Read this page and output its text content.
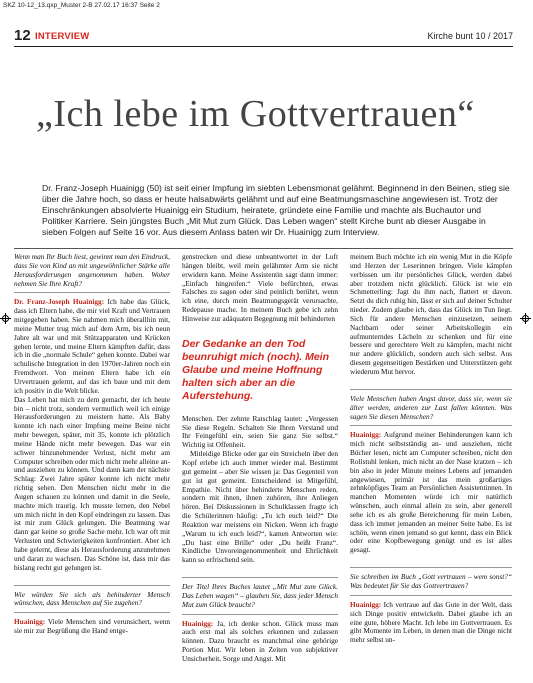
SKZ 10-12_13.qxp_Muster 2-B 27.02.17 16:37 Seite 2
12 INTERVIEW	Kirche bunt 10 / 2017
„Ich lebe im Gottvertrauen“
Dr. Franz-Joseph Huainigg (50) ist seit einer Impfung im siebten Lebensmonat gelähmt. Beginnend in den Beinen, stieg sie über die Jahre hoch, so dass er heute halsabwärts gelähmt und auf eine Beatmungsmaschine angewiesen ist. Trotz der Einschränkungen absolvierte Huainigg ein Studium, heiratete, gründete eine Familie und machte als Buchautor und Politiker Karriere. Sein jüngstes Buch „Mit Mut zum Glück. Das Leben wagen“ stellt Kirche bunt ab dieser Ausgabe in sieben Folgen auf Seite 16 vor. Aus diesem Anlass baten wir Dr. Huainigg zum Interview.
Wenn man Ihr Buch liest, gewinnt man den Eindruck, dass Sie von Kind an mit ungewöhnlicher Stärke alle Herausforderungen angenommen haben. Woher nehmen Sie Ihre Kraft?
Dr. Franz-Joseph Huainigg: Ich habe das Glück, dass ich Eltern habe, die mir viel Kraft und Vertrauen mitgegeben haben. Sie nahmen mich überallhin mit, meine Mutter trug mich auf dem Arm, bis ich neun Jahre alt war und mit Stützapparaten und Krücken gehen lernte, und meine Eltern kämpften dafür, dass ich in die „normale Schule“ gehen konnte. Dabei war schulische Integration in den 1970er-Jahren noch ein Fremdwort. Von meinen Eltern habe ich ein Urvertrauen gelernt, auf das ich baue und mit dem ich positiv in die Welt blicke.
Das Leben hat mich zu dem gemacht, der ich heute bin – nicht trotz, sondern vermutlich weil ich einige Herausforderungen zu meistern hatte. Als Baby konnte ich nach einer Impfung meine Beine nicht mehr bewegen, später, mit 35, konnte ich plötzlich meine Hände nicht mehr bewegen. Das war ein schwer hinzunehmender Verlust, nicht mehr am Computer schreiben oder mich nicht mehr alleine an- und ausziehen zu können. Und dann kam der nächste Schlag: Zwei Jahre später konnte ich nicht mehr richtig sehen. Den Menschen nicht mehr in die Augen schauen zu können und damit in die Seele, machte mich traurig. Ich musste lernen, den Nebel um mich nicht in den Kopf eindringen zu lassen. Das ist mir zum Glück gelungen. Die Beatmung war dann gar keine so große Sache mehr. Ich war oft mit Verlusten und Schwierigkeiten konfrontiert. Aber ich habe gelernt, diese als Herausforderung anzunehmen und daran zu wachsen. Das Schöne ist, dass mir das bislang recht gut gelungen ist.
Wie würden Sie sich als behinderter Mensch wünschen, dass Menschen auf Sie zugehen?
Huainigg: Viele Menschen sind verunsichert, wenn sie mir zur Begrüßung die Hand entge-
genstrecken und diese unbeantwortet in der Luft hängen bleibt, weil mein gelähmter Arm sie nicht erwidern kann. Meine Assistentin sagt dann immer: „Einfach hingreifen.“ Viele befürchten, etwas Falsches zu sagen oder sind peinlich berührt, wenn ich eine, durch mein Beatmungsgerät verursachte, Redepause mache. In meinem Buch gebe ich zehn Hinweise zur adäquaten Begegnung mit behinderten
Der Gedanke an den Tod beunruhigt mich (noch). Mein Glaube und meine Hoffnung halten sich aber an die Auferstehung.
Menschen. Der zehnte Ratschlag lautet: „Vergessen Sie diese Regeln. Schalten Sie Ihren Verstand und Ihr Feingefühl ein, seien Sie ganz Sie selbst.“ Wichtig ist Offenheit.
Mitleidige Blicke oder gar ein Streicheln über den Kopf erlebe ich auch immer wieder mal. Bestimmt gut gemeint – aber Sie wissen ja: Das Gegenteil von gut ist gut gemeint. Entscheidend ist Mitgefühl, Empathie. Nicht über behinderte Menschen reden, sondern mit ihnen, ihnen zuhören, ihre Anliegen hören. Bei Diskussionen in Schulklassen fragte ich die Schülerinnen häufig: „Tu ich euch leid?“ Die Reaktion war meistens ein Nicken. Wenn ich fragte „Warum tu ich euch leid?“, kamen Antworten wie: „Du hast eine Brille“ oder „Du heißt Franz“. Kindliche Unvoreingenommenheit und Ehrlichkeit kann so erfrischend sein.
Der Titel Ihres Buches lautet „Mit Mut zum Glück. Das Leben wagen“ – glauben Sie, dass jeder Mensch Mut zum Glück braucht?
Huainigg: Ja, ich denke schon. Glück muss man auch erst mal als solches erkennen und zulassen können. Dazu braucht es manchmal eine gehörige Portion Mut. Wir leben in Zeiten von subjektiver Unsicherheit, Sorge und Angst. Mit
meinem Buch möchte ich ein wenig Mut in die Köpfe und Herzen der Leserinnen bringen. Viele kämpfen verbissen um ihr persönliches Glück, werden dabei aber trotzdem nicht glücklich. Glück ist wie ein Schmetterling: Jagt du ihm nach, flattert er davon. Setzt du dich ruhig hin, lässt er sich auf deiner Schulter nieder. Zudem glaube ich, dass das Glück im Tun liegt. Sich für andere Menschen einzusetzen, seinem Nachbarn oder seiner Arbeitskollegin ein aufmunterndes Lächeln zu schenken und für eine bessere und gerechtere Welt zu kämpfen, macht nicht nur andere glücklich, sondern auch sich selbst. Aus diesem gegenseitigen Bestärken und Unterstützen geht wiederum Mut hervor.
Viele Menschen haben Angst davor, dass sie, wenn sie älter werden, anderen zur Last fallen könnten. Was sagen Sie diesen Menschen?
Huainigg: Aufgrund meiner Behinderungen kann ich mich nicht selbstständig an- und ausziehen, nicht Bücher lesen, nicht am Computer schreiben, nicht den Rollstuhl lenken, mich nicht an der Nase kratzen – ich bin also in jeder Minute meines Lebens auf jemanden angewiesen, primär ist das mein großartiges zehnköpfiges Team an Persönlichen Assistentinnen. In manchen Momenten würde ich mir natürlich wünschen, auch einmal allein zu sein, aber generell sehe ich es als große Bereicherung für mein Leben, dass ich immer jemanden an meiner Seite habe. Es ist schön, wenn einen jemand so gut kennt, dass ein Blick oder eine Kopfbewegung genügt und es ist alles gesagt.
Sie schreiben im Buch „Gott vertrauen – wem sonst?“ Was bedeutet für Sie das Gottvertrauen?
Huainigg: Ich vertraue auf das Gute in der Welt, dass sich Dinge positiv entwickeln. Dabei glaube ich an eine gute, höhere Macht. Ich lebe im Gottvertrauen. Es gibt Momente im Leben, in denen man die Dinge nicht mehr selbst un-
